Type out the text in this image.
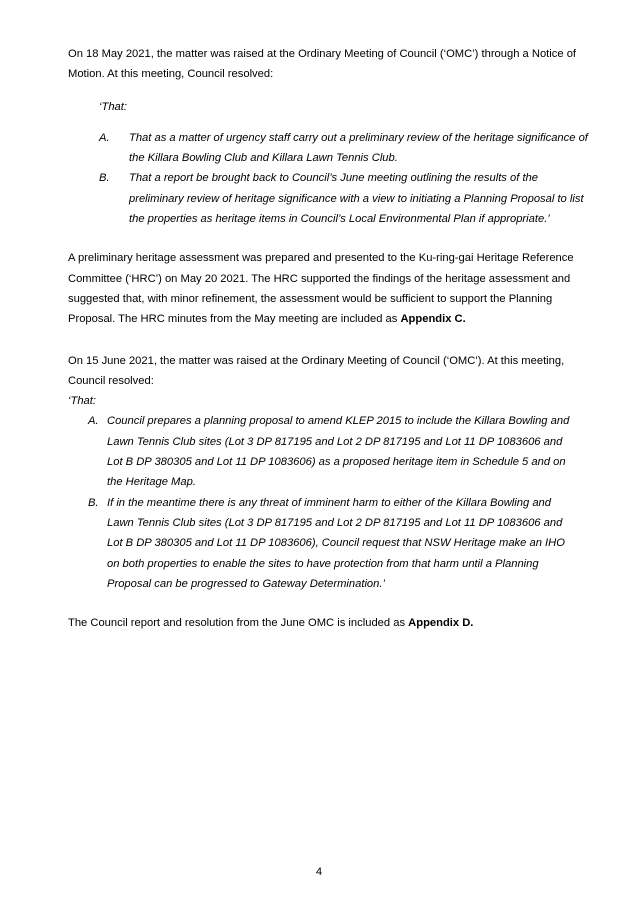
On 18 May 2021, the matter was raised at the Ordinary Meeting of Council (‘OMC’) through a Notice of Motion. At this meeting, Council resolved:

‘That:

A.	That as a matter of urgency staff carry out a preliminary review of the heritage significance of the Killara Bowling Club and Killara Lawn Tennis Club.
B.	That a report be brought back to Council’s June meeting outlining the results of the preliminary review of heritage significance with a view to initiating a Planning Proposal to list the properties as heritage items in Council’s Local Environmental Plan if appropriate.’

A preliminary heritage assessment was prepared and presented to the Ku-ring-gai Heritage Reference Committee (‘HRC’) on May 20 2021. The HRC supported the findings of the heritage assessment and suggested that, with minor refinement, the assessment would be sufficient to support the Planning Proposal. The HRC minutes from the May meeting are included as Appendix C.

On 15 June 2021, the matter was raised at the Ordinary Meeting of Council (‘OMC’). At this meeting, Council resolved:

‘That:

A. Council prepares a planning proposal to amend KLEP 2015 to include the Killara Bowling and Lawn Tennis Club sites (Lot 3 DP 817195 and Lot 2 DP 817195 and Lot 11 DP 1083606 and Lot B DP 380305 and Lot 11 DP 1083606) as a proposed heritage item in Schedule 5 and on the Heritage Map.
B. If in the meantime there is any threat of imminent harm to either of the Killara Bowling and Lawn Tennis Club sites (Lot 3 DP 817195 and Lot 2 DP 817195 and Lot 11 DP 1083606 and Lot B DP 380305 and Lot 11 DP 1083606), Council request that NSW Heritage make an IHO on both properties to enable the sites to have protection from that harm until a Planning Proposal can be progressed to Gateway Determination.’

The Council report and resolution from the June OMC is included as Appendix D.

4
